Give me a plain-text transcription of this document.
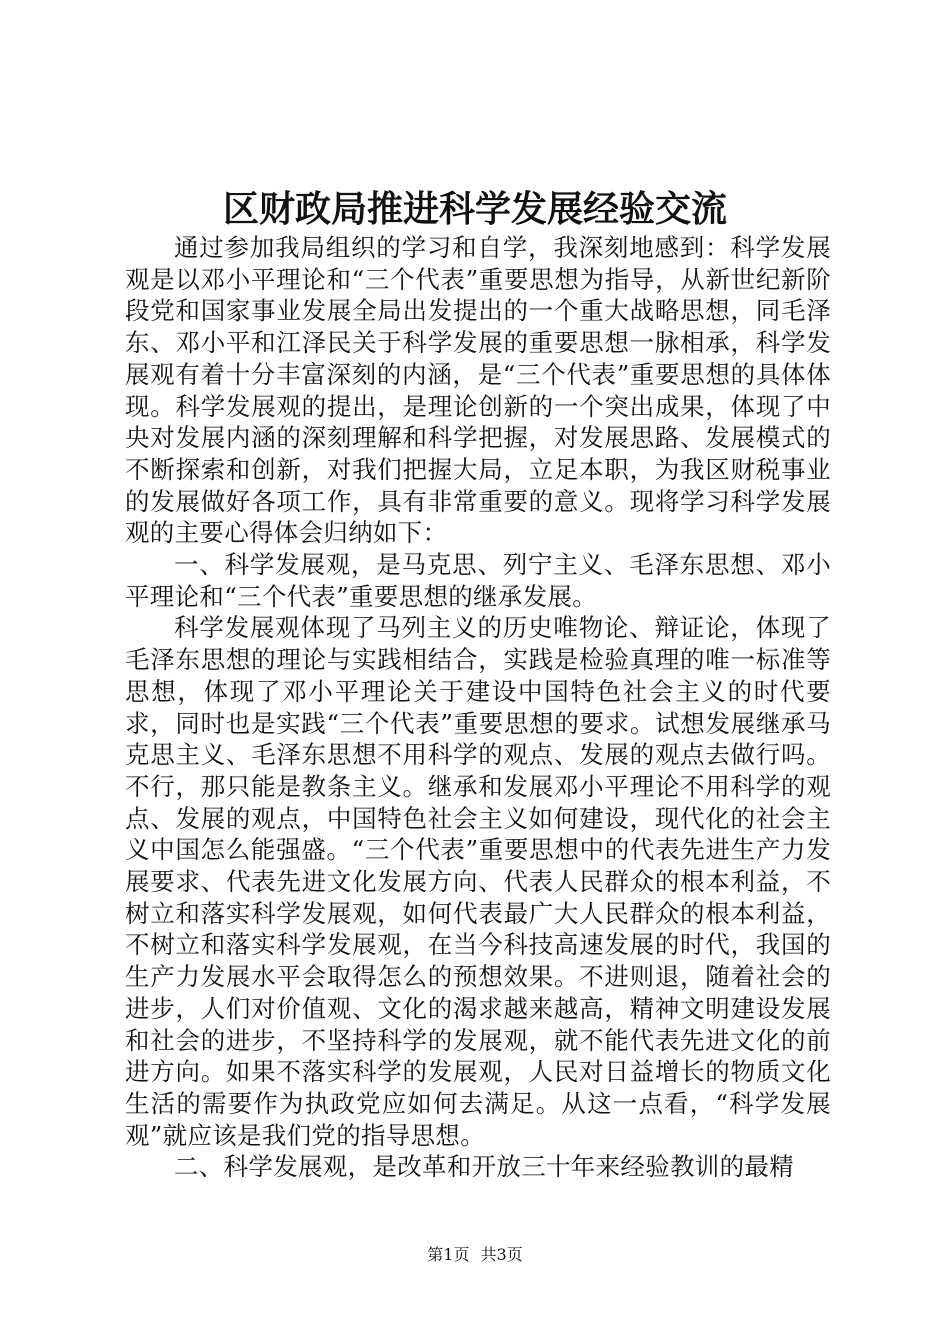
区财政局推进科学发展经验交流

通过参加我局组织的学习和自学，我深刻地感到：科学发展观是以邓小平理论和“三个代表”重要思想为指导，从新世纪新阶段党和国家事业发展全局出发提出的一个重大战略思想，同毛泽东、邓小平和江泽民关于科学发展的重要思想一脉相承，科学发展观有着十分丰富深刻的内涵，是“三个代表”重要思想的具体体现。科学发展观的提出，是理论创新的一个突出成果，体现了中央对发展内涵的深刻理解和科学把握，对发展思路、发展模式的不断探索和创新，对我们把握大局，立足本职，为我区财税事业的发展做好各项工作，具有非常重要的意义。现将学习科学发展观的主要心得体会归纳如下：

一、科学发展观，是马克思、列宁主义、毛泽东思想、邓小平理论和“三个代表”重要思想的继承发展。

科学发展观体现了马列主义的历史唯物论、辩证论，体现了毛泽东思想的理论与实践相结合，实践是检验真理的唯一标准等思想，体现了邓小平理论关于建设中国特色社会主义的时代要求，同时也是实践“三个代表”重要思想的要求。试想发展继承马克思主义、毛泽东思想不用科学的观点、发展的观点去做行吗。不行，那只能是教条主义。继承和发展邓小平理论不用科学的观点、发展的观点，中国特色社会主义如何建设，现代化的社会主义中国怎么能强盛。“三个代表”重要思想中的代表先进生产力发展要求、代表先进文化发展方向、代表人民群众的根本利益，不树立和落实科学发展观，如何代表最广大人民群众的根本利益，不树立和落实科学发展观，在当今科技高速发展的时代，我国的生产力发展水平会取得怎么的预想效果。不进则退，随着社会的进步，人们对价值观、文化的渴求越来越高，精神文明建设发展和社会的进步，不坚持科学的发展观，就不能代表先进文化的前进方向。如果不落实科学的发展观，人民对日益增长的物质文化生活的需要作为执政党应如何去满足。从这一点看，“科学发展观”就应该是我们党的指导思想。

二、科学发展观，是改革和开放三十年来经验教训的最精

第1页 共3页
